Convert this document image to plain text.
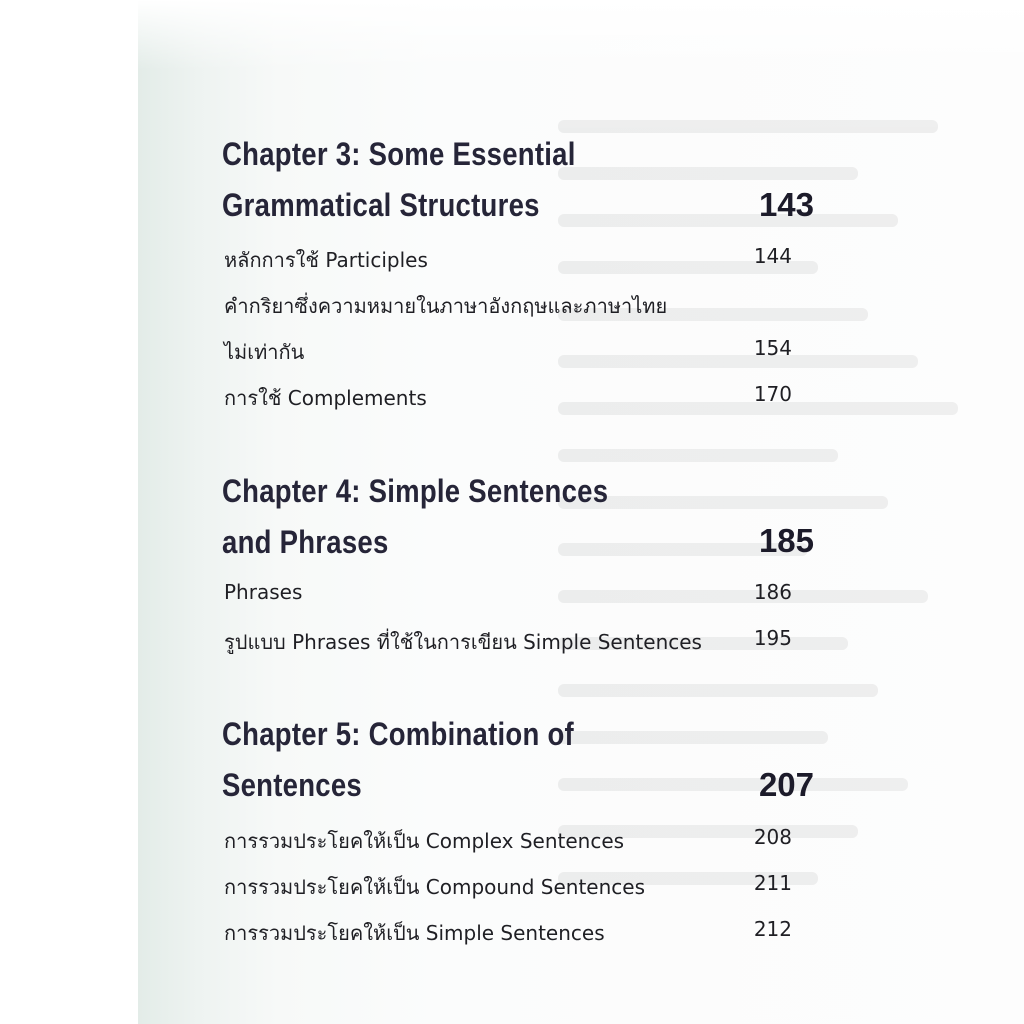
Chapter 3: Some Essential
Grammatical Structures	143
หลักการใช้ Participles	144
คำกริยาซึ่งความหมายในภาษาอังกฤษและภาษาไทย
ไม่เท่ากัน	154
การใช้ Complements	170
Chapter 4: Simple Sentences
and Phrases	185
Phrases	186
รูปแบบ Phrases ที่ใช้ในการเขียน Simple Sentences	195
Chapter 5: Combination of
Sentences	207
การรวมประโยคให้เป็น Complex Sentences	208
การรวมประโยคให้เป็น Compound Sentences	211
การรวมประโยคให้เป็น Simple Sentences	212
